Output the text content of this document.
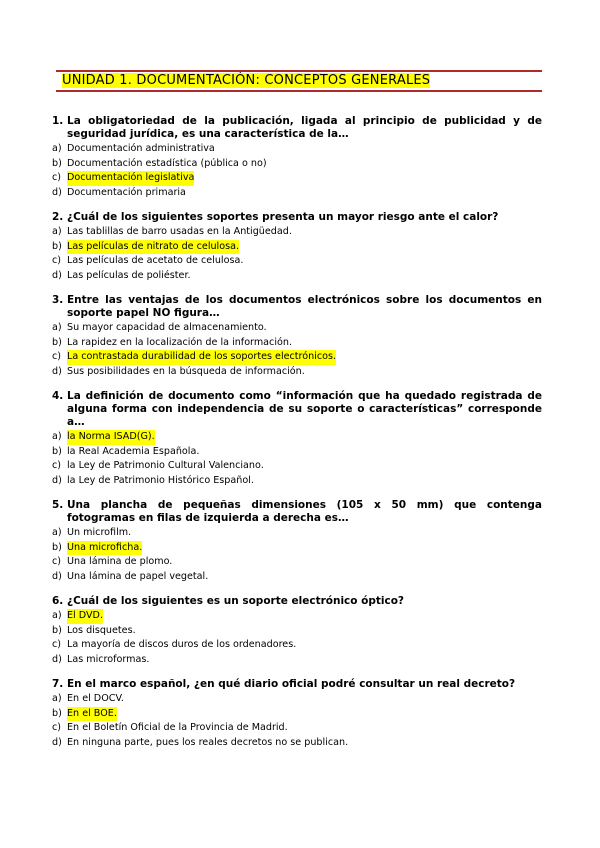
UNIDAD 1. DOCUMENTACIÓN: CONCEPTOS GENERALES
1. La obligatoriedad de la publicación, ligada al principio de publicidad y de seguridad jurídica, es una característica de la…
a) Documentación administrativa
b) Documentación estadística (pública o no)
c) Documentación legislativa
d) Documentación primaria
2. ¿Cuál de los siguientes soportes presenta un mayor riesgo ante el calor?
a) Las tablillas de barro usadas en la Antigüedad.
b) Las películas de nitrato de celulosa.
c) Las películas de acetato de celulosa.
d) Las películas de poliéster.
3. Entre las ventajas de los documentos electrónicos sobre los documentos en soporte papel NO figura…
a) Su mayor capacidad de almacenamiento.
b) La rapidez en la localización de la información.
c) La contrastada durabilidad de los soportes electrónicos.
d) Sus posibilidades en la búsqueda de información.
4. La definición de documento como “información que ha quedado registrada de alguna forma con independencia de su soporte o características” corresponde a…
a) la Norma ISAD(G).
b) la Real Academia Española.
c) la Ley de Patrimonio Cultural Valenciano.
d) la Ley de Patrimonio Histórico Español.
5. Una plancha de pequeñas dimensiones (105 x 50 mm) que contenga fotogramas en filas de izquierda a derecha es…
a) Un microfilm.
b) Una microficha.
c) Una lámina de plomo.
d) Una lámina de papel vegetal.
6. ¿Cuál de los siguientes es un soporte electrónico óptico?
a) El DVD.
b) Los disquetes.
c) La mayoría de discos duros de los ordenadores.
d) Las microformas.
7. En el marco español, ¿en qué diario oficial podré consultar un real decreto?
a) En el DOCV.
b) En el BOE.
c) En el Boletín Oficial de la Provincia de Madrid.
d) En ninguna parte, pues los reales decretos no se publican.
